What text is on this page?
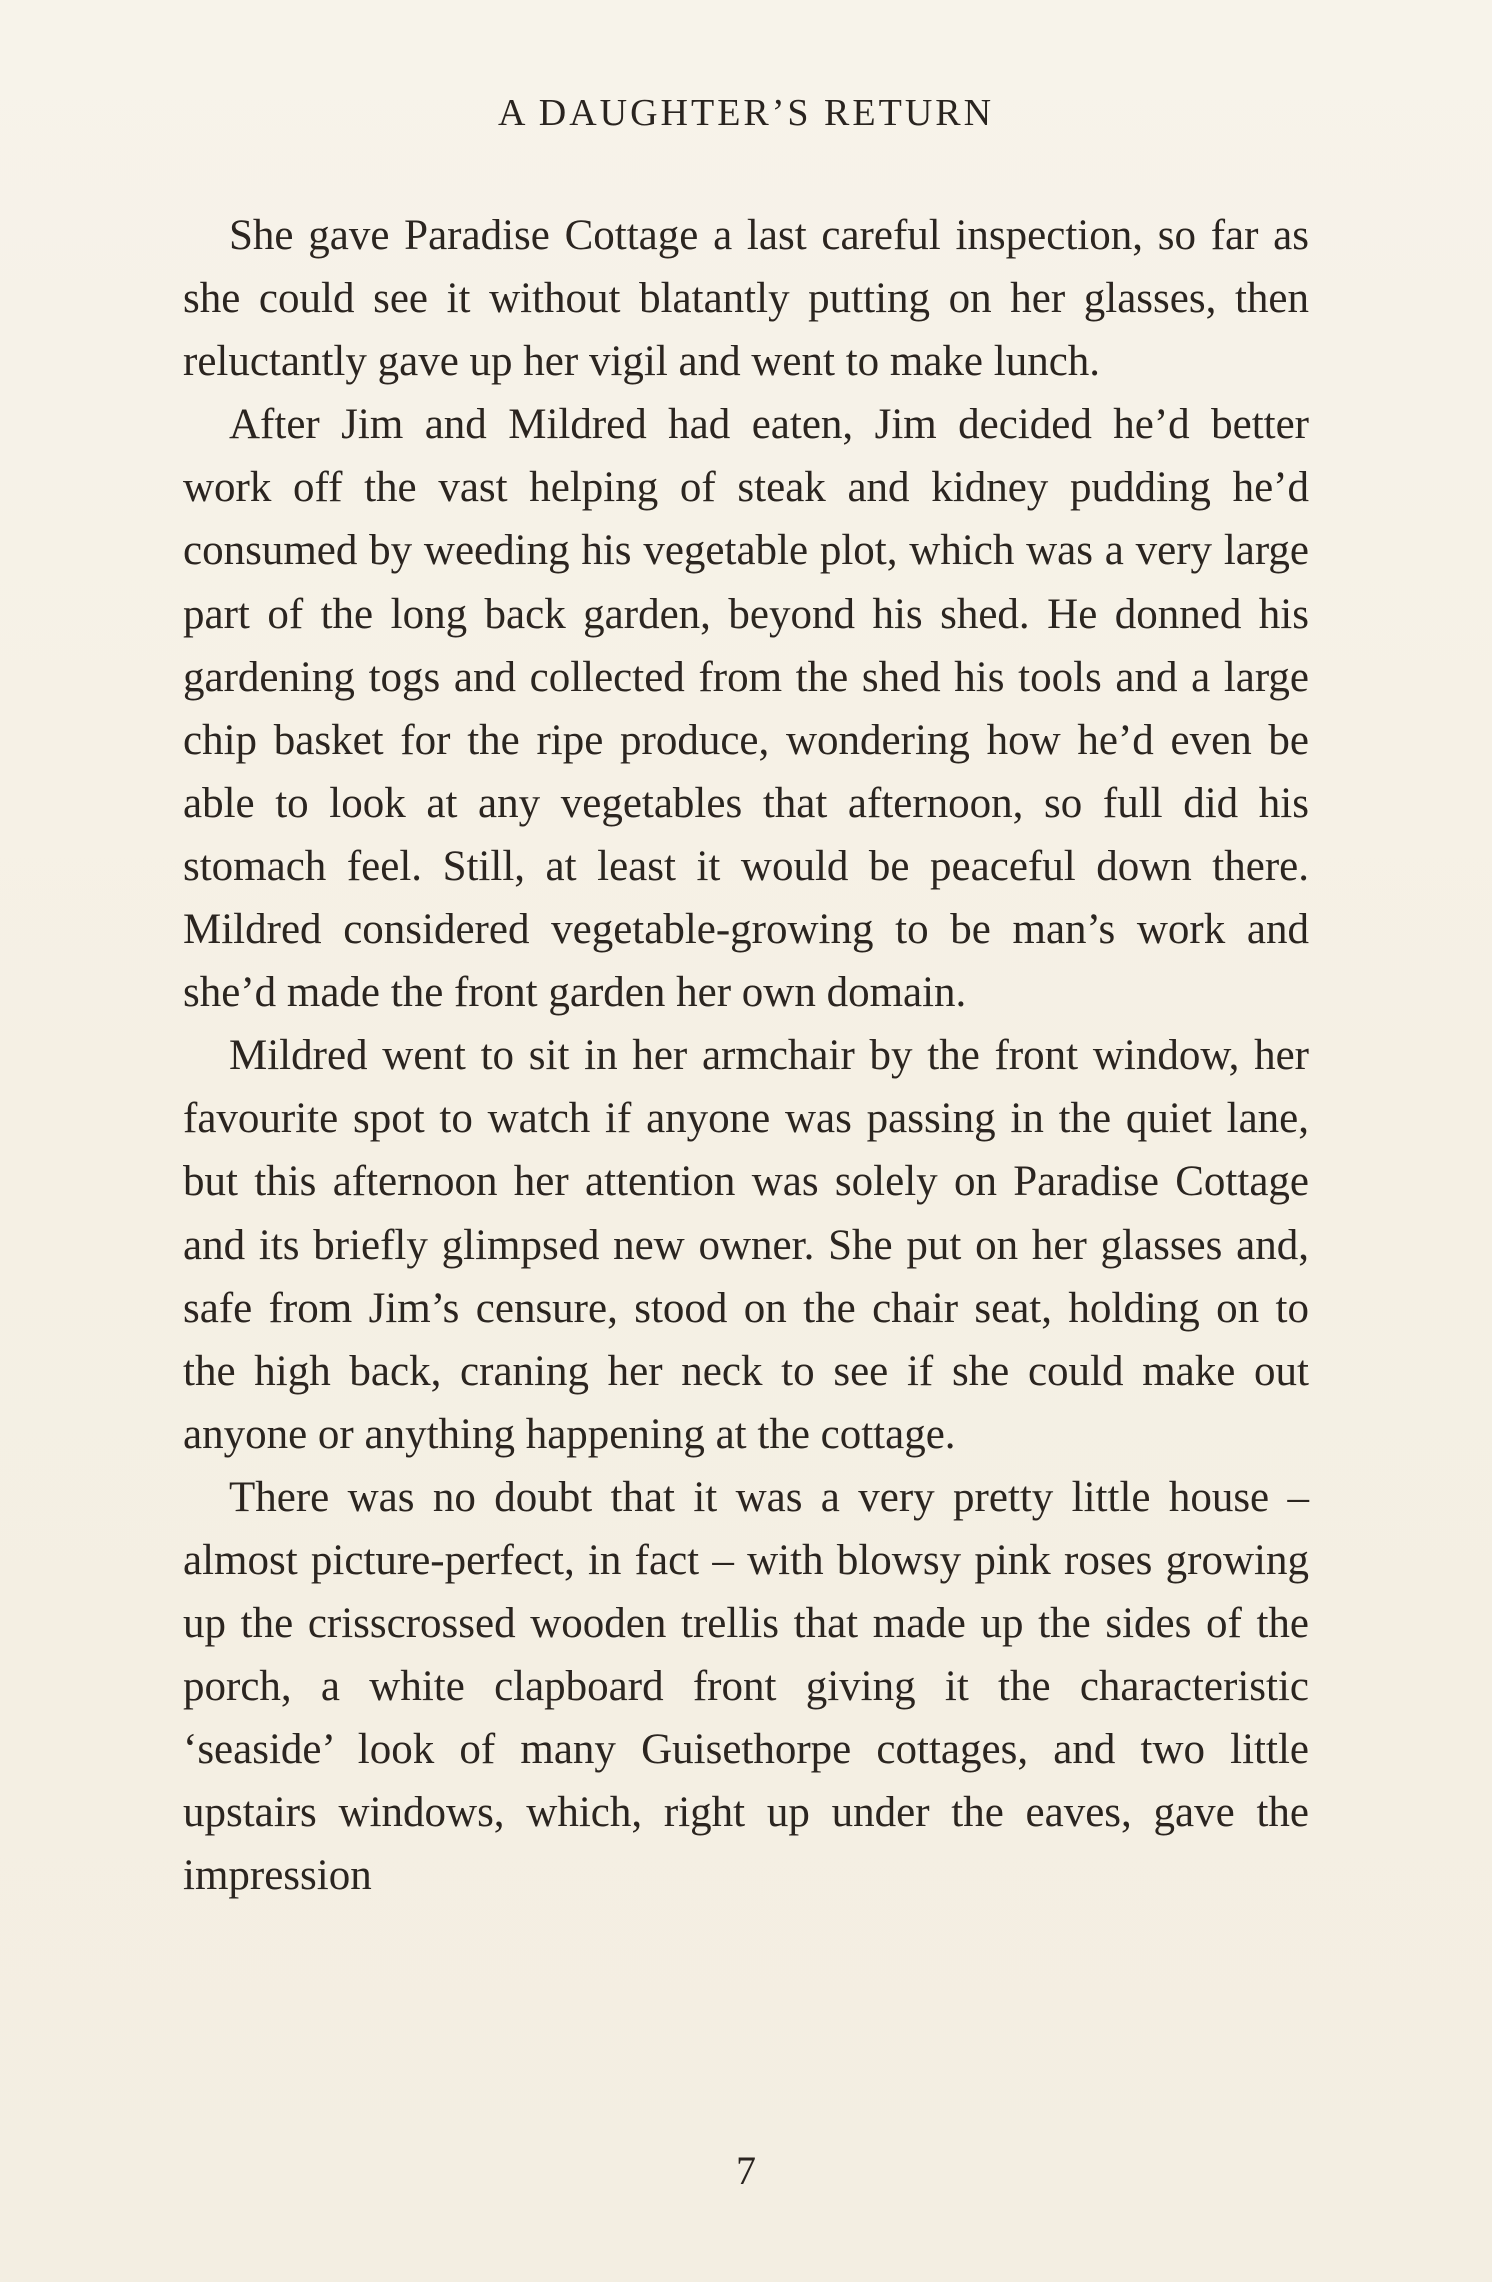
A DAUGHTER’S RETURN

She gave Paradise Cottage a last careful inspection, so far as she could see it without blatantly putting on her glasses, then reluctantly gave up her vigil and went to make lunch.

After Jim and Mildred had eaten, Jim decided he’d better work off the vast helping of steak and kidney pudding he’d consumed by weeding his vegetable plot, which was a very large part of the long back garden, beyond his shed. He donned his gardening togs and collected from the shed his tools and a large chip basket for the ripe produce, wondering how he’d even be able to look at any vegetables that afternoon, so full did his stomach feel. Still, at least it would be peaceful down there. Mildred considered vegetable-growing to be man’s work and she’d made the front garden her own domain.

Mildred went to sit in her armchair by the front window, her favourite spot to watch if anyone was passing in the quiet lane, but this afternoon her attention was solely on Paradise Cottage and its briefly glimpsed new owner. She put on her glasses and, safe from Jim’s censure, stood on the chair seat, holding on to the high back, craning her neck to see if she could make out anyone or anything happening at the cottage.

There was no doubt that it was a very pretty little house – almost picture-perfect, in fact – with blowsy pink roses growing up the crisscrossed wooden trellis that made up the sides of the porch, a white clapboard front giving it the characteristic ‘seaside’ look of many Guisethorpe cottages, and two little upstairs windows, which, right up under the eaves, gave the impression

7
